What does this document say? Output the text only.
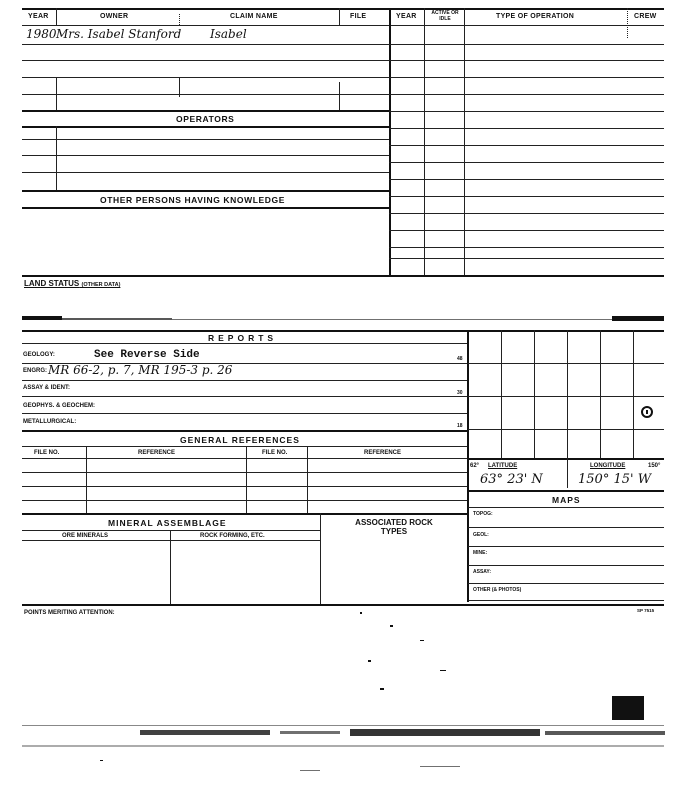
YEAR	OWNER	CLAIM NAME	FILE	YEAR	ACTIVE OR IDLE	TYPE OF OPERATION	CREW
1980 Mrs. Isabel Stanford Isabel
OPERATORS
OTHER PERSONS HAVING KNOWLEDGE
LAND STATUS (OTHER DATA)
REPORTS
GEOLOGY:	See Reverse Side	48
ENGRG: MR 66-2, p. 7, MR 195-3 p. 26
ASSAY & IDENT:
30
GEOPHYS. & GEOCHEM:
METALLURGICAL:
18
GENERAL REFERENCES
FILE NO.	REFERENCE	FILE NO.	REFERENCE
62° LATITUDE	LONGITUDE	150°
63° 23' N	150° 15' W
MAPS
TOPOG:
GEOL:
MINE:
ASSAY:
OTHER (& PHOTOS)
MINERAL ASSEMBLAGE
ORE MINERALS	ROCK FORMING, ETC.
ASSOCIATED ROCK TYPES
POINTS MERITING ATTENTION:	SP 7515
